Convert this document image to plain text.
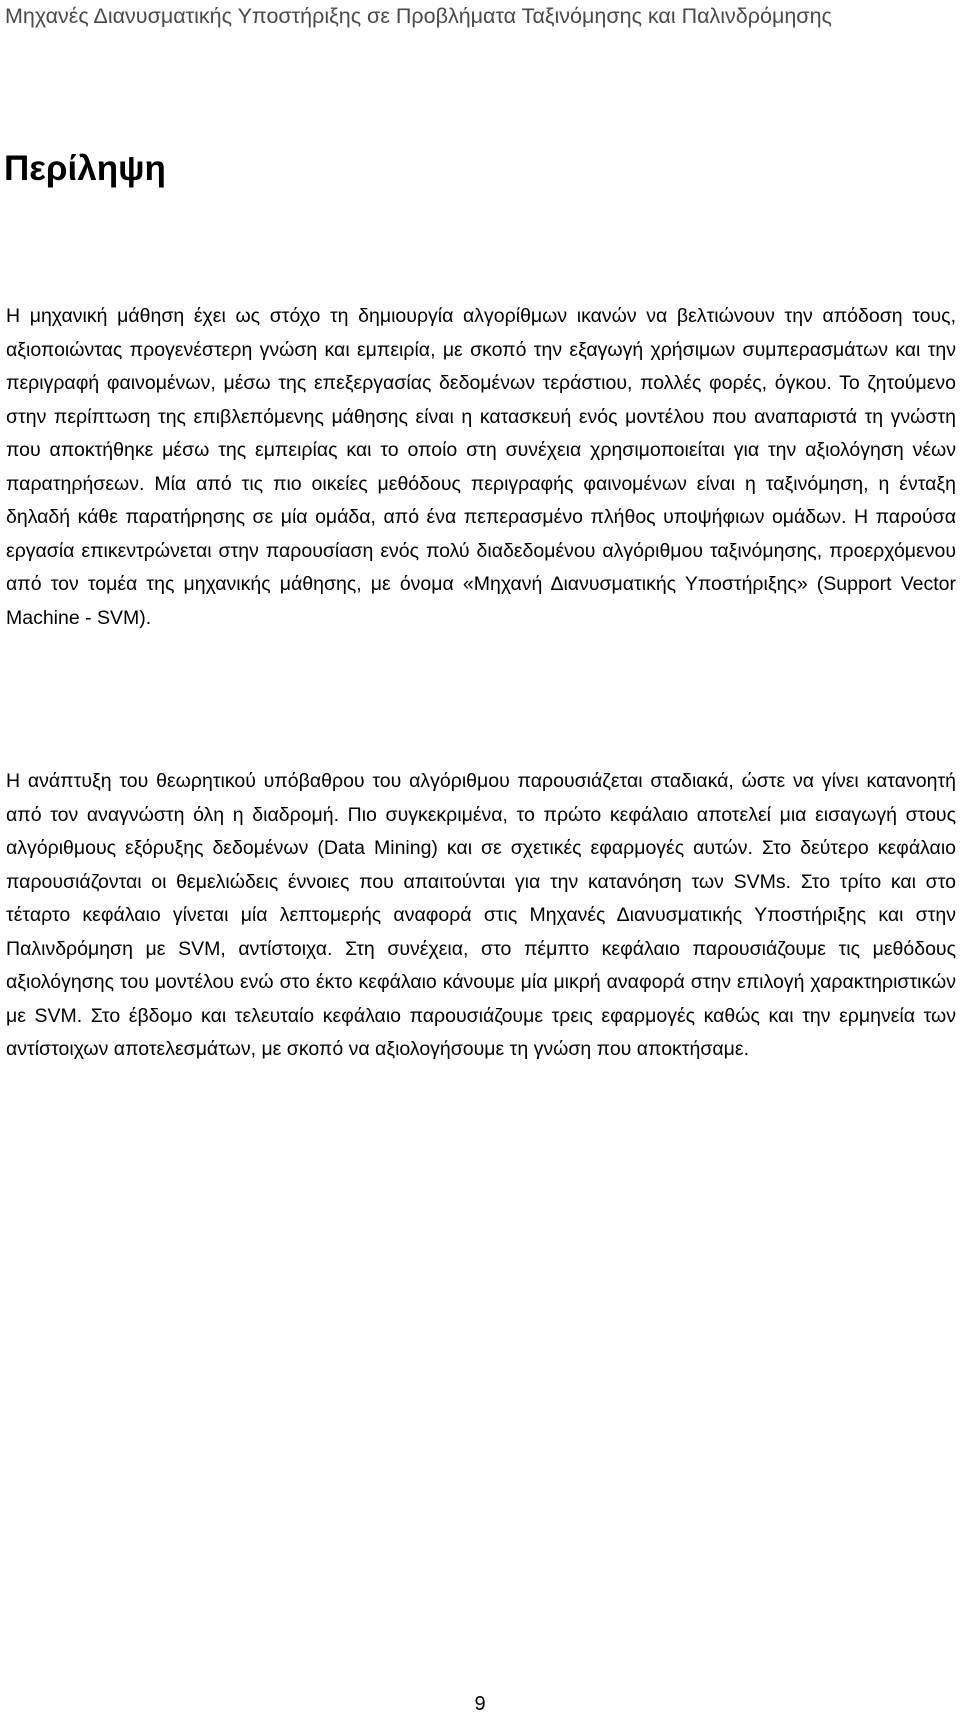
Μηχανές Διανυσματικής Υποστήριξης σε Προβλήματα Ταξινόμησης και Παλινδρόμησης
Περίληψη

Η μηχανική μάθηση έχει ως στόχο τη δημιουργία αλγορίθμων ικανών να βελτιώνουν την απόδοση τους, αξιοποιώντας προγενέστερη γνώση και εμπειρία, με σκοπό την εξαγωγή χρήσιμων συμπερασμάτων και την περιγραφή φαινομένων, μέσω της επεξεργασίας δεδομένων τεράστιου, πολλές φορές, όγκου. Το ζητούμενο στην περίπτωση της επιβλεπόμενης μάθησης είναι η κατασκευή ενός μοντέλου που αναπαριστά τη γνώστη που αποκτήθηκε μέσω της εμπειρίας και το οποίο στη συνέχεια χρησιμοποιείται για την αξιολόγηση νέων παρατηρήσεων. Μία από τις πιο οικείες μεθόδους περιγραφής φαινομένων είναι η ταξινόμηση, η ένταξη δηλαδή κάθε παρατήρησης σε μία ομάδα, από ένα πεπερασμένο πλήθος υποψήφιων ομάδων. Η παρούσα εργασία επικεντρώνεται στην παρουσίαση ενός πολύ διαδεδομένου αλγόριθμου ταξινόμησης, προερχόμενου από τον τομέα της μηχανικής μάθησης, με όνομα «Μηχανή Διανυσματικής Υποστήριξης» (Support Vector Machine - SVM).

Η ανάπτυξη του θεωρητικού υπόβαθρου του αλγόριθμου παρουσιάζεται σταδιακά, ώστε να γίνει κατανοητή από τον αναγνώστη όλη η διαδρομή. Πιο συγκεκριμένα, το πρώτο κεφάλαιο αποτελεί μια εισαγωγή στους αλγόριθμους εξόρυξης δεδομένων (Data Mining) και σε σχετικές εφαρμογές αυτών. Στο δεύτερο κεφάλαιο παρουσιάζονται οι θεμελιώδεις έννοιες που απαιτούνται για την κατανόηση των SVMs. Στο τρίτο και στο τέταρτο κεφάλαιο γίνεται μία λεπτομερής αναφορά στις Μηχανές Διανυσματικής Υποστήριξης και στην Παλινδρόμηση με SVM, αντίστοιχα. Στη συνέχεια, στο πέμπτο κεφάλαιο παρουσιάζουμε τις μεθόδους αξιολόγησης του μοντέλου ενώ στο έκτο κεφάλαιο κάνουμε μία μικρή αναφορά στην επιλογή χαρακτηριστικών με SVM. Στο έβδομο και τελευταίο κεφάλαιο παρουσιάζουμε τρεις εφαρμογές καθώς και την ερμηνεία των αντίστοιχων αποτελεσμάτων, με σκοπό να αξιολογήσουμε τη γνώση που αποκτήσαμε.

9
